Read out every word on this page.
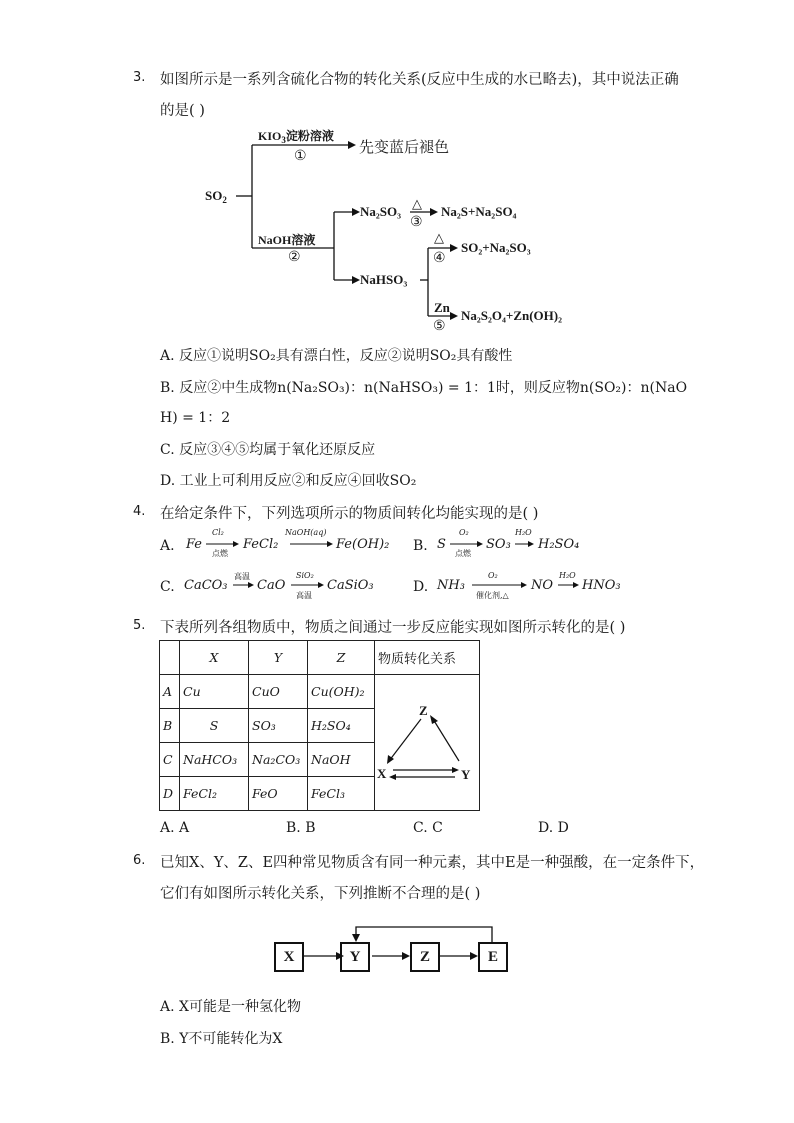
3. 如图所示是一系列含硫化合物的转化关系(反应中生成的水已略去)，其中说法正确
的是( )
$SO_2$
$KIO_3$淀粉溶液
①
先变蓝后褪色
NaOH溶液
②
Na₂SO₃
△
③
Na₂S+Na₂SO₄
NaHSO₃
△
④
SO₂+Na₂SO₃
Zn
⑤
Na₂S₂O₄+Zn(OH)₂
A. 反应①说明SO₂具有漂白性，反应②说明SO₂具有酸性
B. 反应②中生成物n(Na₂SO₃)：n(NaHSO₃) = 1：1时，则反应物n(SO₂)：n(NaO
H) = 1：2
C. 反应③④⑤均属于氧化还原反应
D. 工业上可利用反应②和反应④回收SO₂
4. 在给定条件下，下列选项所示的物质间转化均能实现的是( )
A. Fe
Cl₂
点燃
FeCl₂
NaOH(aq)
Fe(OH)₂ B. S
O₂
点燃
SO₃
H₂O
H₂SO₄
C. CaCO₃
高温
CaO
SiO₂
高温
CaSiO₃	D. NH₃
O₂
催化剂,△
NO
H₂O
HNO₃
5. 下表所列各组物质中，物质之间通过一步反应能实现如图所示转化的是( )
	X	Y	Z	物质转化关系
A	Cu	CuO	Cu(OH)₂	Z
X Y

B	S	SO₃	H₂SO₄	
C	NaHCO₃	Na₂CO₃	NaOH	
D	FeCl₂	FeO	FeCl₃	
A. A	B. B	C. C	D. D
6. 已知X、Y、Z、E四种常见物质含有同一种元素，其中E是一种强酸，在一定条件下，
它们有如图所示转化关系，下列推断不合理的是( )
X	Y	Z	E
A. X可能是一种氢化物
B. Y不可能转化为X
